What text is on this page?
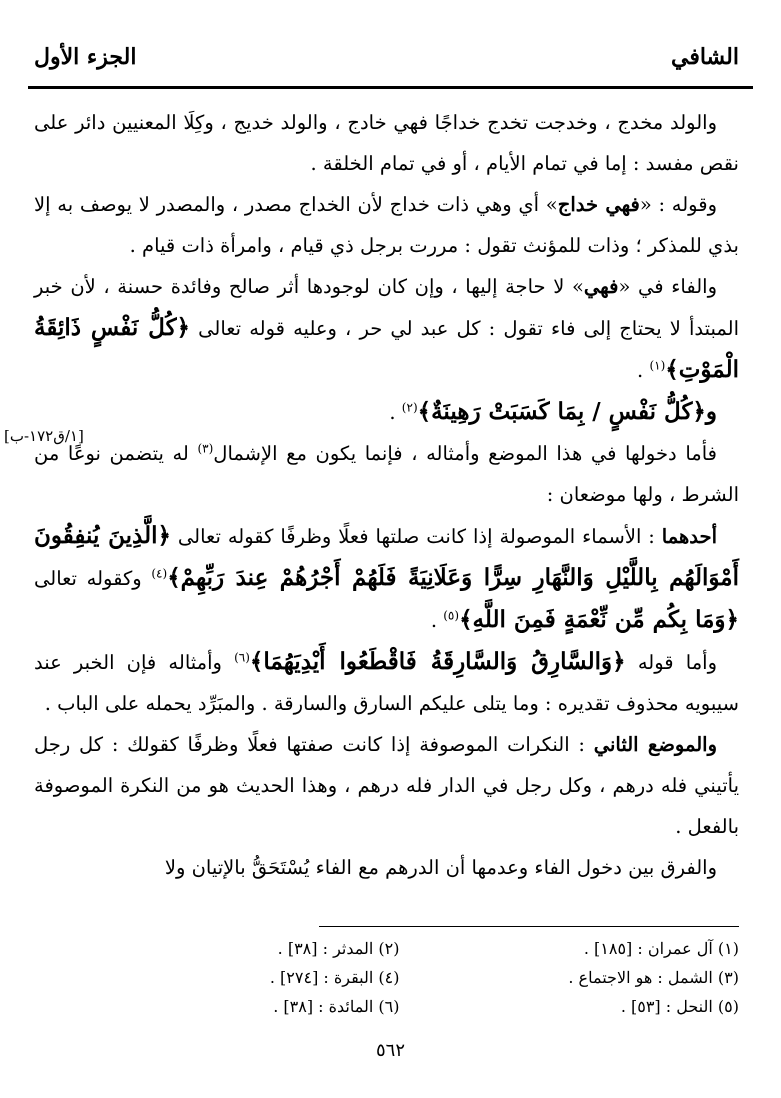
الشافي
الجزء الأول
[١/ق١٧٢-ب]

والولد مخدج ، وخدجت تخدج خداجًا فهي خادج ، والولد خديج ، وكِلَا المعنيين دائر على نقص مفسد : إما في تمام الأيام ، أو في تمام الخلقة .

وقوله : «فهي خداج» أي وهي ذات خداج لأن الخداج مصدر ، والمصدر لا يوصف به إلا بذي للمذكر ؛ وذات للمؤنث تقول : مررت برجل ذي قيام ، وامرأة ذات قيام .

والفاء في «فهي» لا حاجة إليها ، وإن كان لوجودها أثر صالح وفائدة حسنة ، لأن خبر المبتدأ لا يحتاج إلى فاء تقول : كل عبد لي حر ، وعليه قوله تعالى ﴿كُلُّ نَفْسٍ ذَائِقَةُ الْمَوْتِ﴾$^{(١)}$ .

و﴿كُلُّ نَفْسٍ / بِمَا كَسَبَتْ رَهِينَةٌ﴾$^{(٢)}$ .

فأما دخولها في هذا الموضع وأمثاله ، فإنما يكون مع الإشمال$^{(٣)}$ له يتضمن نوعًا من الشرط ، ولها موضعان :

أحدهما : الأسماء الموصولة إذا كانت صلتها فعلًا وظرفًا كقوله تعالى ﴿الَّذِينَ يُنفِقُونَ أَمْوَالَهُم بِاللَّيْلِ وَالنَّهَارِ سِرًّا وَعَلَانِيَةً فَلَهُمْ أَجْرُهُمْ عِندَ رَبِّهِمْ﴾$^{(٤)}$ وكقوله تعالى ﴿وَمَا بِكُم مِّن نِّعْمَةٍ فَمِنَ اللَّهِ﴾$^{(٥)}$ .

وأما قوله ﴿وَالسَّارِقُ وَالسَّارِقَةُ فَاقْطَعُوا أَيْدِيَهُمَا﴾$^{(٦)}$ وأمثاله فإن الخبر عند سيبويه محذوف تقديره : وما يتلى عليكم السارق والسارقة . والمبَرِّد يحمله على الباب .

والموضع الثاني : النكرات الموصوفة إذا كانت صفتها فعلًا وظرفًا كقولك : كل رجل يأتيني فله درهم ، وكل رجل في الدار فله درهم ، وهذا الحديث هو من النكرة الموصوفة بالفعل .

والفرق بين دخول الفاء وعدمها أن الدرهم مع الفاء يُسْتَحَقُّ بالإتيان ولا

(١) آل عمران : [١٨٥] .
(٢) المدثر : [٣٨] .
(٣) الشمل : هو الاجتماع .
(٤) البقرة : [٢٧٤] .
(٥) النحل : [٥٣] .
(٦) المائدة : [٣٨] .
٥٦٢
